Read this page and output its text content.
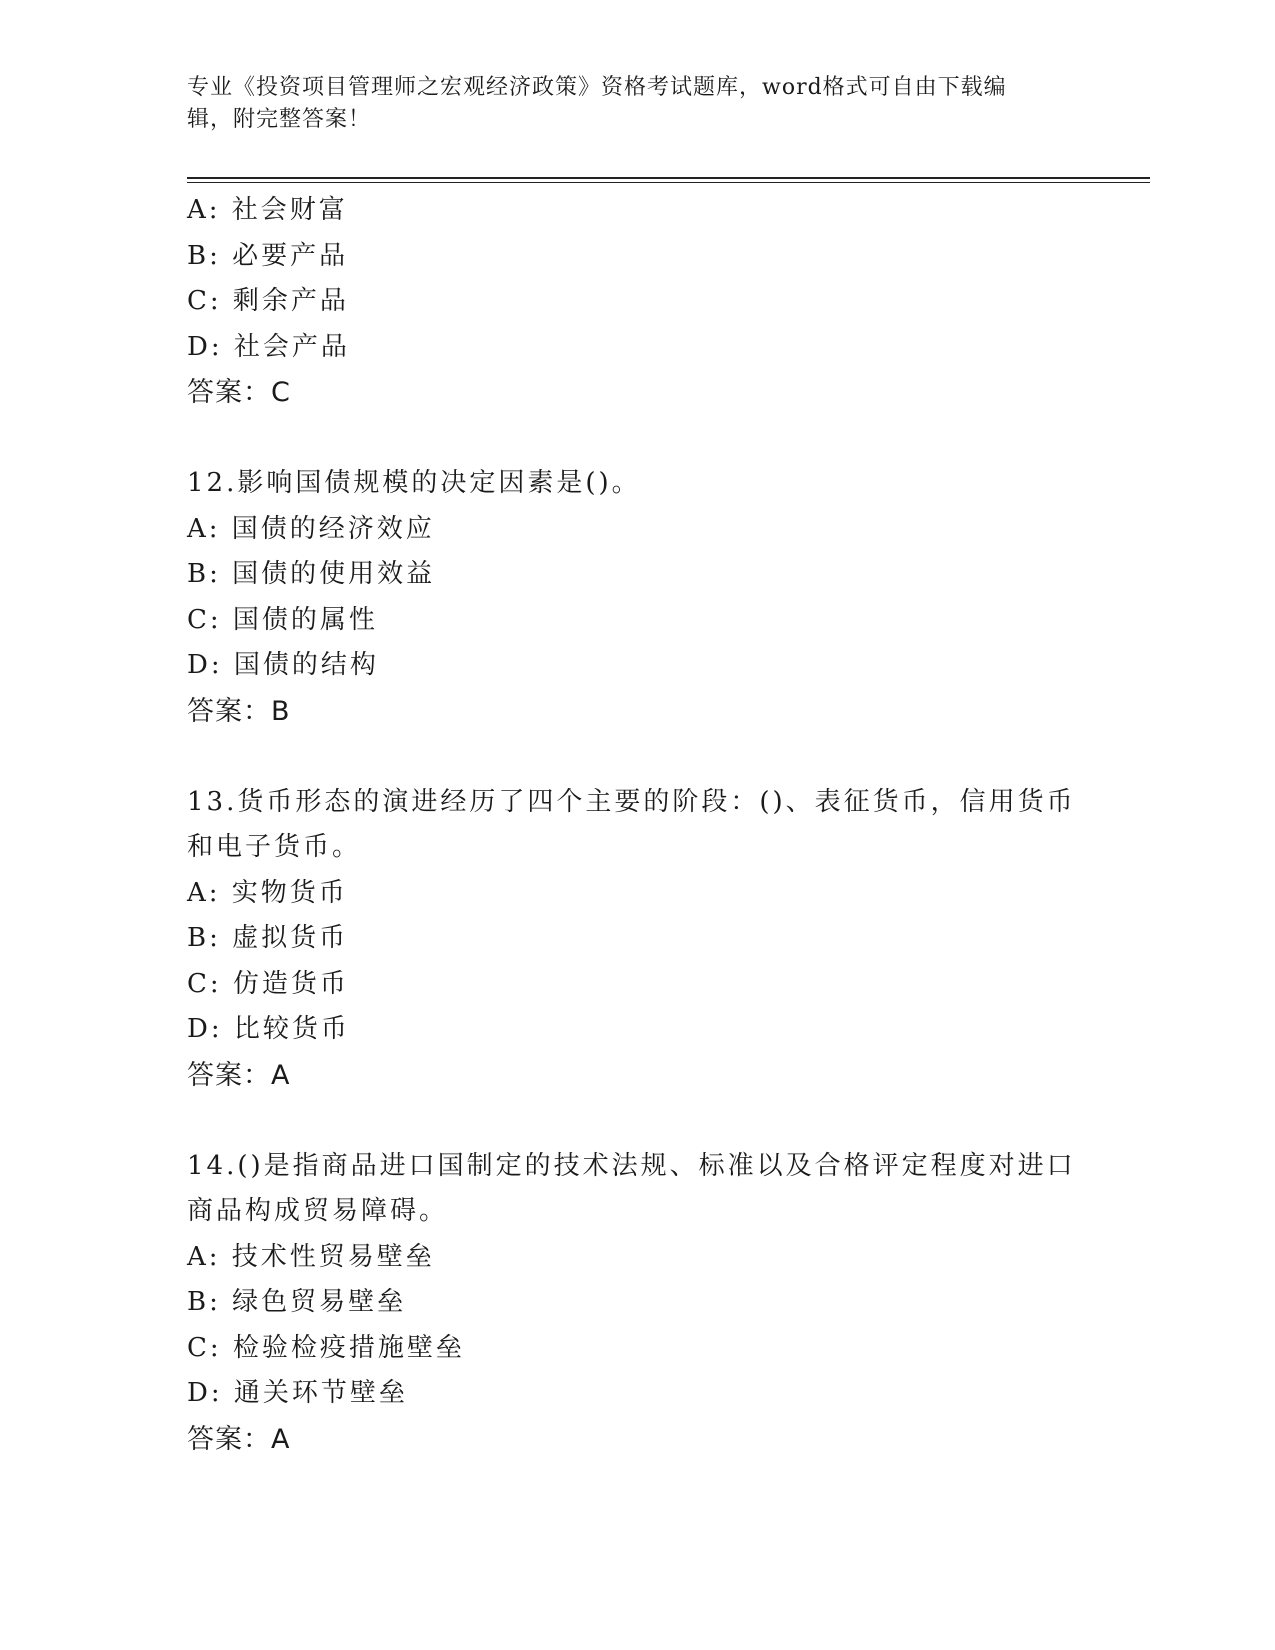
专业《投资项目管理师之宏观经济政策》资格考试题库，word格式可自由下载编
辑，附完整答案！
A: 社会财富
B: 必要产品
C: 剩余产品
D: 社会产品
答案：C
12.影响国债规模的决定因素是()。
A: 国债的经济效应
B: 国债的使用效益
C: 国债的属性
D: 国债的结构
答案：B
13.货币形态的演进经历了四个主要的阶段：()、表征货币，信用货币
和电子货币。
A: 实物货币
B: 虚拟货币
C: 仿造货币
D: 比较货币
答案：A
14.()是指商品进口国制定的技术法规、标准以及合格评定程度对进口
商品构成贸易障碍。
A: 技术性贸易壁垒
B: 绿色贸易壁垒
C: 检验检疫措施壁垒
D: 通关环节壁垒
答案：A
